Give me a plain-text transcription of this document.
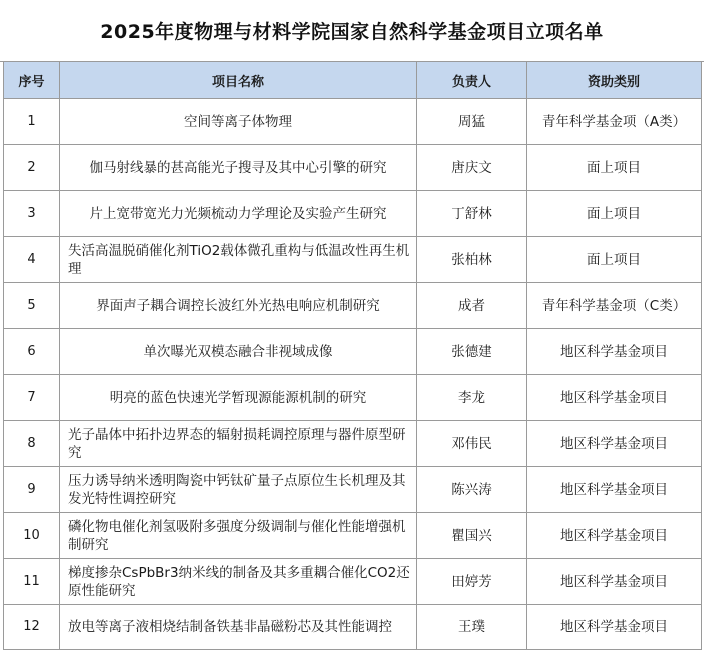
2025年度物理与材料学院国家自然科学基金项目立项名单
序号	项目名称	负责人	资助类别
1	空间等离子体物理	周猛	青年科学基金项（A类）
2	伽马射线暴的甚高能光子搜寻及其中心引擎的研究	唐庆文	面上项目
3	片上宽带宽光力光频梳动力学理论及实验产生研究	丁舒林	面上项目
4	失活高温脱硝催化剂TiO2载体微孔重构与低温改性再生机理	张柏林	面上项目
5	界面声子耦合调控长波红外光热电响应机制研究	成者	青年科学基金项（C类）
6	单次曝光双模态融合非视域成像	张德建	地区科学基金项目
7	明亮的蓝色快速光学暂现源能源机制的研究	李龙	地区科学基金项目
8	光子晶体中拓扑边界态的辐射损耗调控原理与器件原型研究	邓伟民	地区科学基金项目
9	压力诱导纳米透明陶瓷中钙钛矿量子点原位生长机理及其发光特性调控研究	陈兴涛	地区科学基金项目
10	磷化物电催化剂氢吸附多强度分级调制与催化性能增强机制研究	瞿国兴	地区科学基金项目
11	梯度掺杂CsPbBr3纳米线的制备及其多重耦合催化CO2还原性能研究	田婷芳	地区科学基金项目
12	放电等离子液相烧结制备铁基非晶磁粉芯及其性能调控	王璞	地区科学基金项目
